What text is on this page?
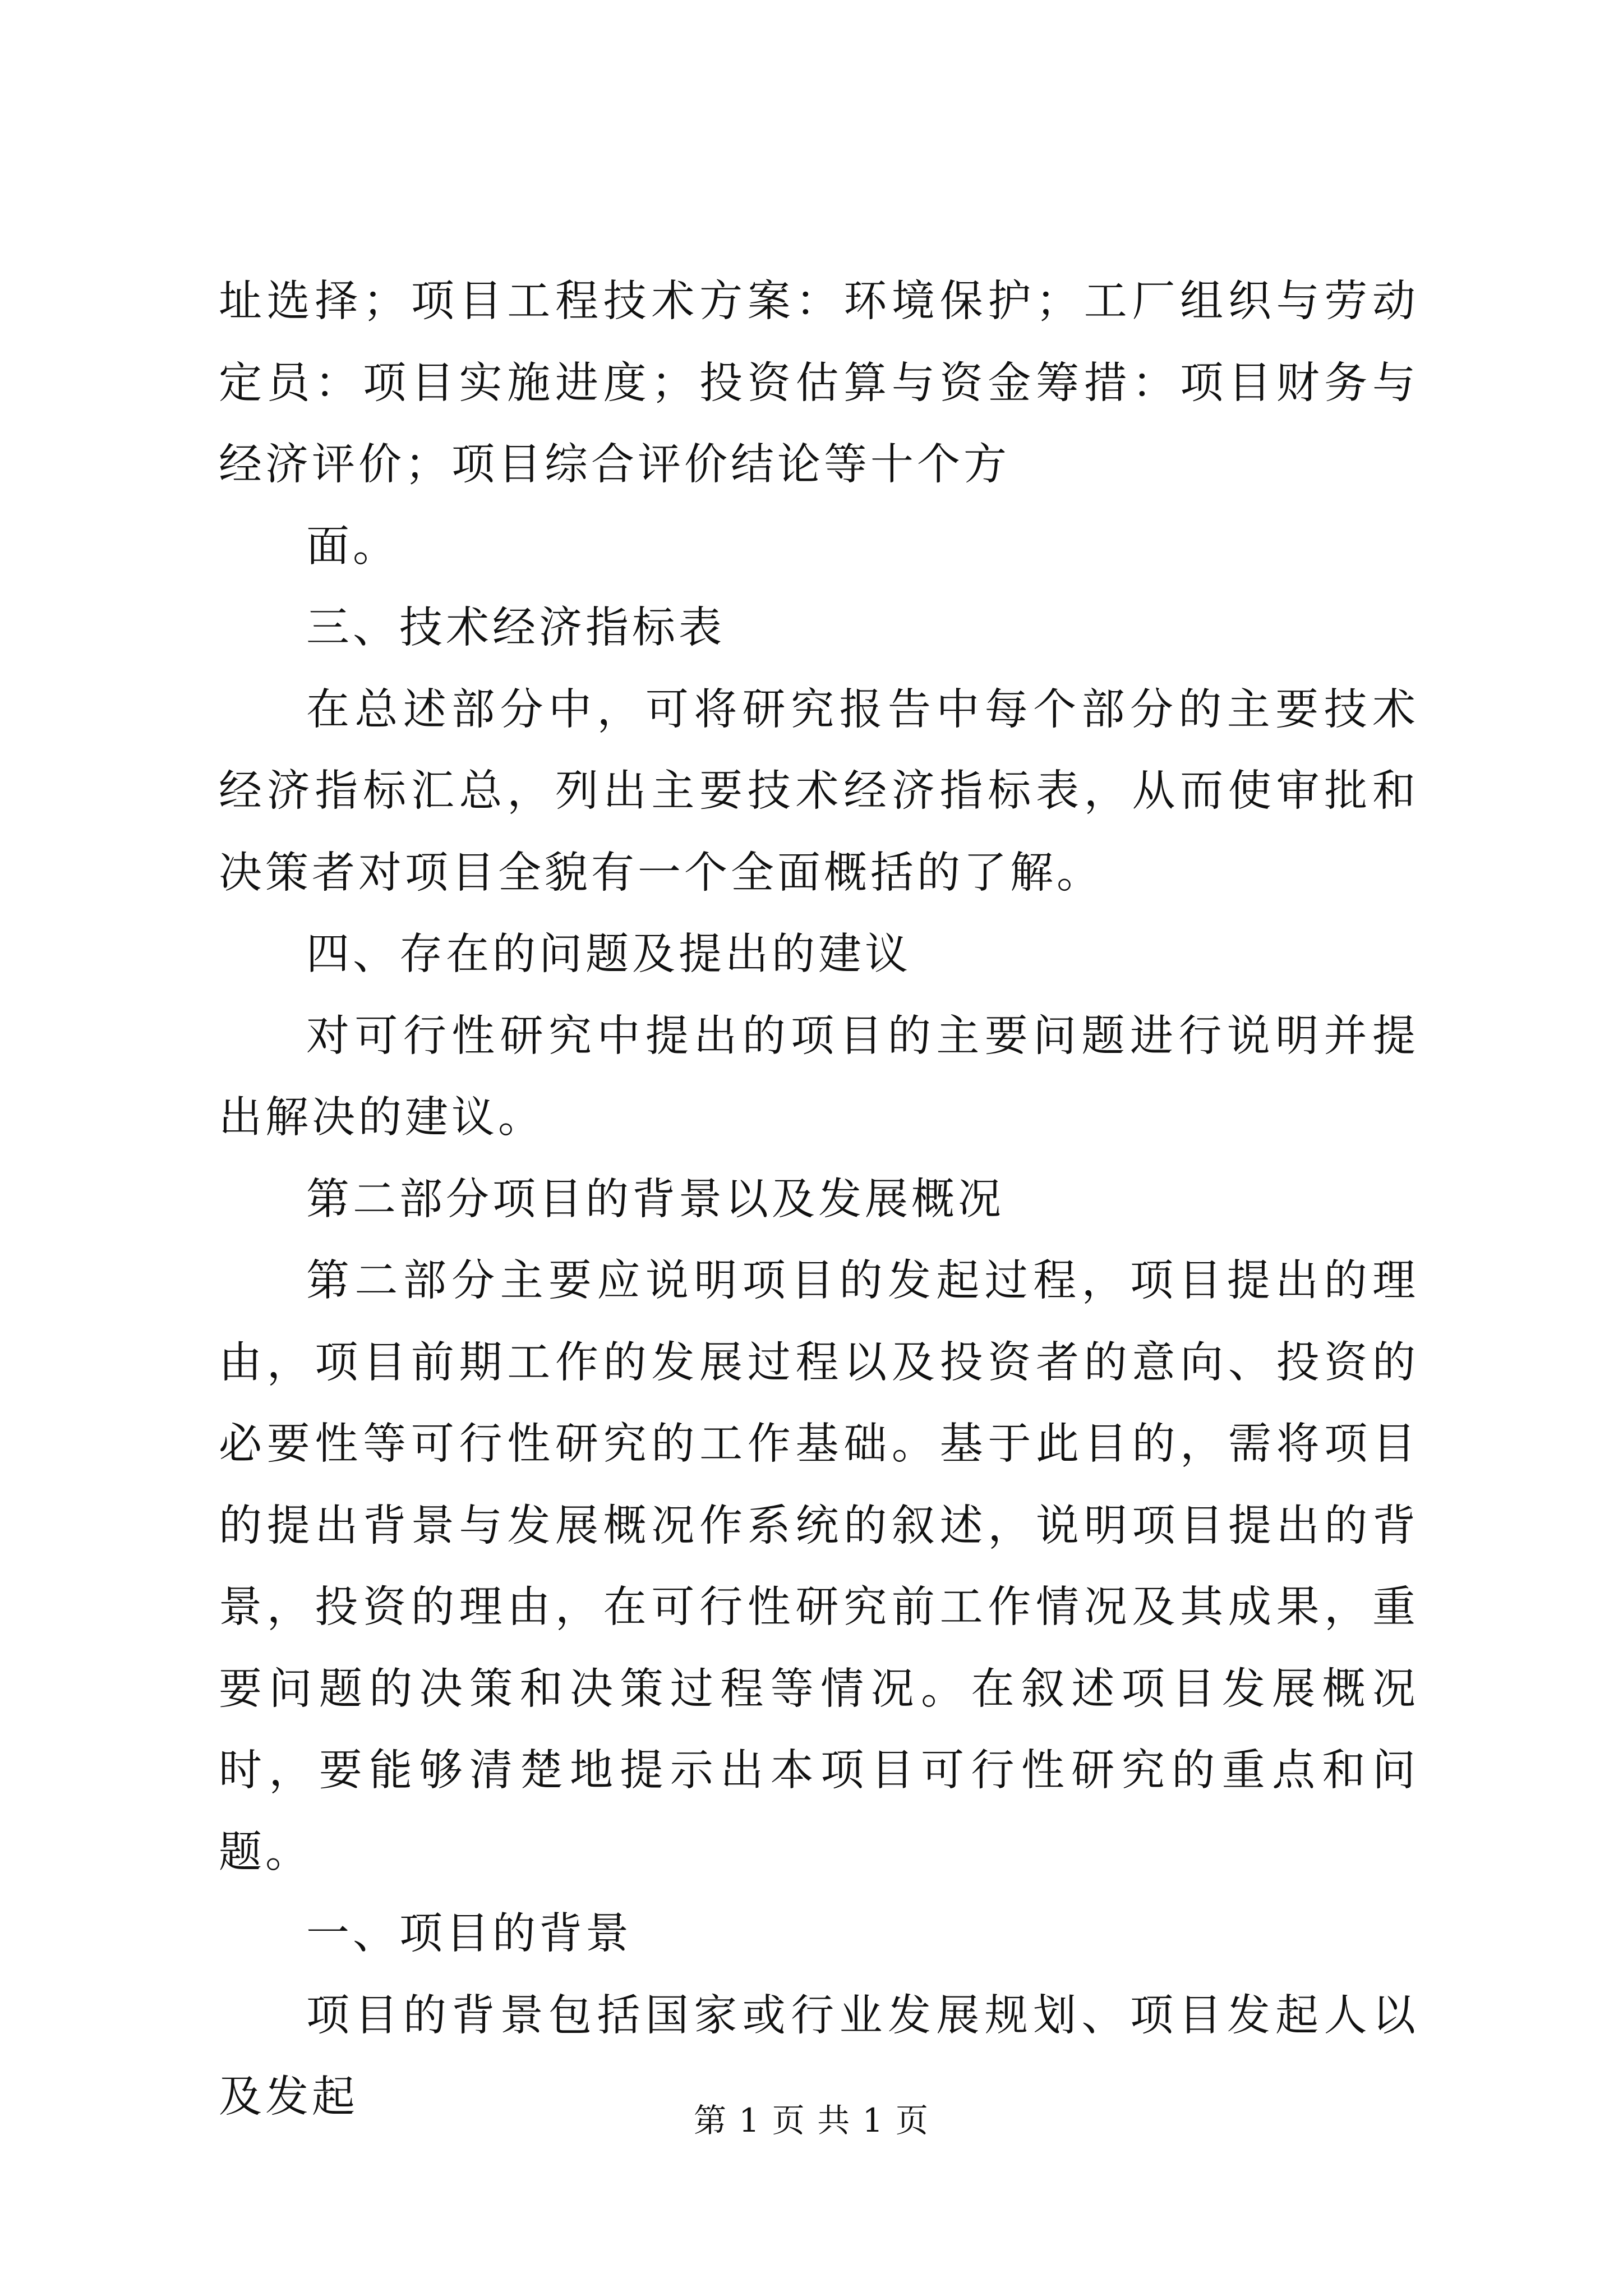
址选择；项目工程技术方案：环境保护；工厂组织与劳动定员：项目实施进度；投资估算与资金筹措：项目财务与经济评价；项目综合评价结论等十个方

面。

三、技术经济指标表

在总述部分中，可将研究报告中每个部分的主要技术经济指标汇总，列出主要技术经济指标表，从而使审批和决策者对项目全貌有一个全面概括的了解。

四、存在的问题及提出的建议

对可行性研究中提出的项目的主要问题进行说明并提出解决的建议。

第二部分项目的背景以及发展概况

第二部分主要应说明项目的发起过程，项目提出的理由，项目前期工作的发展过程以及投资者的意向、投资的必要性等可行性研究的工作基础。基于此目的，需将项目的提出背景与发展概况作系统的叙述，说明项目提出的背景，投资的理由，在可行性研究前工作情况及其成果，重要问题的决策和决策过程等情况。在叙述项目发展概况时，要能够清楚地提示出本项目可行性研究的重点和问题。

一、项目的背景

项目的背景包括国家或行业发展规划、项目发起人以及发起	第 1 页 共 1 页
